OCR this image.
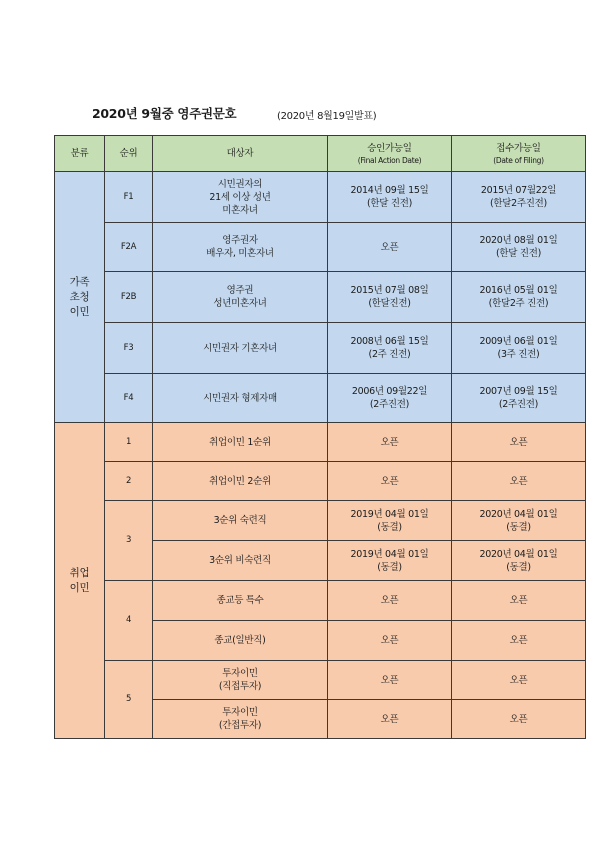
2020년 9월중 영주권문호	(2020년 8월19일발표)
분류	순위	대상자	승인가능일
(Final Action Date)	접수가능일
(Date of Filing)

가족
초청
이민	F1	시민권자의
21세 이상 성년
미혼자녀	2014년 09월 15일
(한달 진전)	2015년 07월22일
(한달2주진전)

	F2A	영주권자
배우자, 미혼자녀	오픈	2020년 08월 01일
(한달 진전)

	F2B	영주권
성년미혼자녀	2015년 07월 08일
(한달진전)	2016년 05월 01일
(한달2주 진전)

	F3	시민권자 기혼자녀	2008년 06월 15일
(2주 진전)	2009년 06월 01일
(3주 진전)

	F4	시민권자 형제자매	2006년 09월22일
(2주진전)	2007년 09월 15일
(2주진전)

취업
이민	1	취업이민 1순위	오픈	오픈

	2	취업이민 2순위	오픈	오픈

	3	3순위 숙련직	2019년 04월 01일
(동결)	2020년 04월 01일
(동결)

		3순위 비숙련직	2019년 04월 01일
(동결)	2020년 04월 01일
(동결)

	4	종교등 특수	오픈	오픈

		종교(일반직)	오픈	오픈

	5	투자이민
(직접투자)	오픈	오픈

		투자이민
(간접투자)	오픈	오픈
